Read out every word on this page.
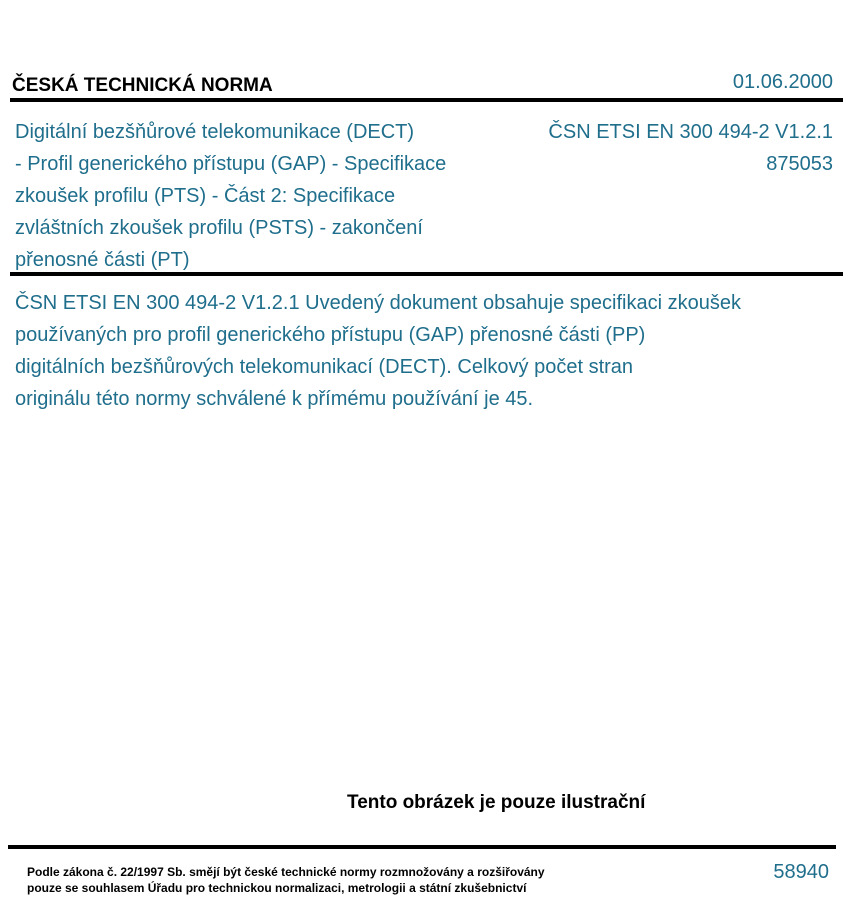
ČESKÁ TECHNICKÁ NORMA	01.06.2000
Digitální bezšňůrové telekomunikace (DECT)
- Profil generického přístupu (GAP) - Specifikace
zkoušek profilu (PTS) - Část 2: Specifikace
zvláštních zkoušek profilu (PSTS) - zakončení
přenosné části (PT)
ČSN ETSI EN 300 494-2 V1.2.1
875053
ČSN ETSI EN 300 494-2 V1.2.1 Uvedený dokument obsahuje specifikaci zkoušek
používaných pro profil generického přístupu (GAP) přenosné části (PP)
digitálních bezšňůrových telekomunikací (DECT). Celkový počet stran
originálu této normy schválené k přímému používání je 45.
Tento obrázek je pouze ilustrační
Podle zákona č. 22/1997 Sb. smějí být české technické normy rozmnožovány a rozšiřovány
pouze se souhlasem Úřadu pro technickou normalizaci, metrologii a státní zkušebnictví
58940
